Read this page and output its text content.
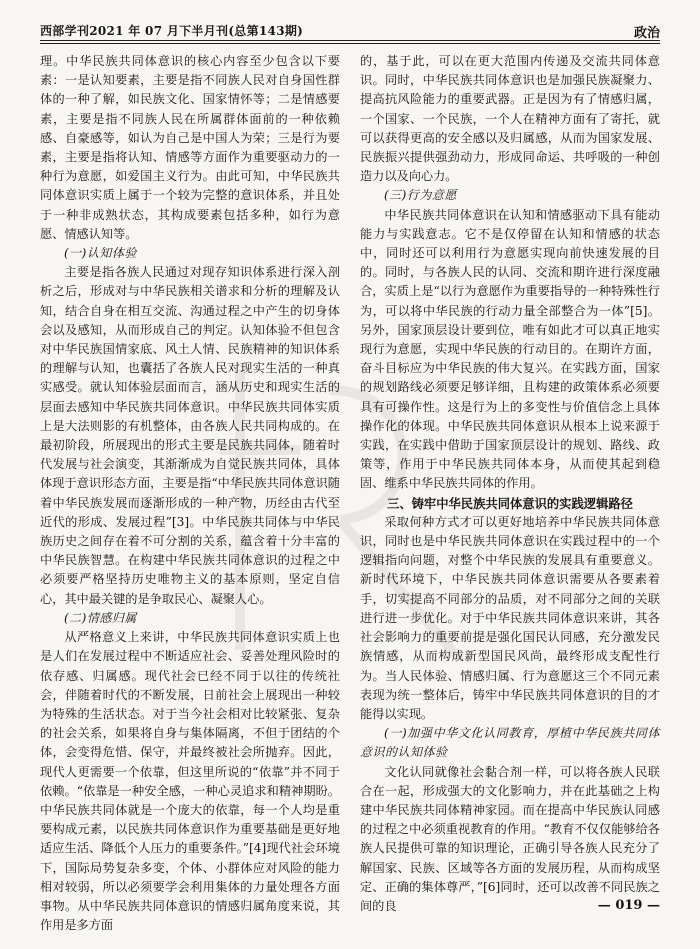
西部学刊2021 年 07 月下半月刊(总第143期)	政治

理。中华民族共同体意识的核心内容至少包含以下要素：一是认知要素，主要是指不同族人民对自身国性群体的一种了解，如民族文化、国家情怀等；二是情感要素，主要是指不同族人民在所属群体面前的一种依赖感、自豪感等，如认为自己是中国人为荣；三是行为要素，主要是指将认知、情感等方面作为重要驱动力的一种行为意愿，如爱国主义行为。由此可知，中华民族共同体意识实质上属于一个较为完整的意识体系，并且处于一种非成熟状态，其构成要素包括多种，如行为意愿、情感认知等。

(一)认知体验

主要是指各族人民通过对现存知识体系进行深入剖析之后，形成对与中华民族相关谱求和分析的理解及认知，结合自身在相互交流、沟通过程之中产生的切身体会以及感知，从而形成自己的判定。认知体验不但包含对中华民族国情家底、风土人情、民族精神的知识体系的理解与认知，也囊括了各族人民对现实生活的一种真实感受。就认知体验层面而言，涵从历史和现实生活的层面去感知中华民族共同体意识。中华民族共同体实质上是大法则影的有机整体，由各族人民共同构成的。在最初阶段，所展现出的形式主要是民族共同体，随着时代发展与社会演变，其渐渐成为自觉民族共同体，具体体现于意识形态方面，主要是指“中华民族共同体意识随着中华民族发展而逐渐形成的一种产物，历经由古代至近代的形成、发展过程”[3]。中华民族共同体与中华民族历史之间存在着不可分割的关系，蕴含着十分丰富的中华民族智慧。在构建中华民族共同体意识的过程之中必须要严格坚持历史唯物主义的基本原则，坚定自信心，其中最关键的是争取民心、凝聚人心。

(二)情感归属

从严格意义上来讲，中华民族共同体意识实质上也是人们在发展过程中不断适应社会、妥善处理风险时的依存感、归属感。现代社会已经不同于以往的传统社会，伴随着时代的不断发展，日前社会上展现出一种较为特殊的生活状态。对于当今社会相对比较紧张、复杂的社会关系，如果将自身与集体隔离，不但于团结的个体，会变得危惜、保守，并最终被社会所抛弃。因此，现代人更需要一个依靠，但这里所说的“依靠”并不同于依赖。“依靠是一种安全感，一种心灵追求和精神期盼。中华民族共同体就是一个庞大的依靠，每一个人均是重要构成元素，以民族共同体意识作为重要基础是更好地适应生活、降低个人压力的重要条件。”[4]现代社会环境下，国际局势复杂多变，个体、小群体应对风险的能力相对较弱，所以必须要学会利用集体的力量处理各方面事物。从中华民族共同体意识的情感归属角度来说，其作用是多方面

的，基于此，可以在更大范围内传递及交流共同体意识。同时，中华民族共同体意识也是加强民族凝聚力、提高抗风险能力的重要武器。正是因为有了情感归属，一个国家、一个民族，一个人在精神方面有了寄托，就可以获得更高的安全感以及归属感，从而为国家发展、民族振兴提供强劲动力，形成同命运、共呼吸的一种创造力以及向心力。

(三)行为意愿

中华民族共同体意识在认知和情感驱动下具有能动能力与实践意志。它不是仅停留在认知和情感的状态中，同时还可以利用行为意愿实现向前快速发展的目的。同时，与各族人民的认同、交流和期许进行深度融合，实质上是“以行为意愿作为重要指导的一种特殊性行为，可以将中华民族的行动力量全部整合为一体”[5]。另外，国家顶层设计要到位，唯有如此才可以真正地实现行为意愿，实现中华民族的行动目的。在期许方面，奋斗目标应为中华民族的伟大复兴。在实践方面，国家的规划路线必须要足够详细，且构建的政策体系必须要具有可操作性。这是行为上的多变性与价值信念上具体操作化的体现。中华民族共同体意识从根本上说来源于实践，在实践中借助于国家顶层设计的规划、路线、政策等，作用于中华民族共同体本身，从而使其起到稳固、维系中华民族共同体的作用。

三、铸牢中华民族共同体意识的实践逻辑路径

采取何种方式才可以更好地培养中华民族共同体意识，同时也是中华民族共同体意识在实践过程中的一个逻辑指向问题，对整个中华民族的发展具有重要意义。新时代环境下，中华民族共同体意识需要从各要素着手，切实提高不同部分的品质，对不同部分之间的关联进行进一步优化。对于中华民族共同体意识来讲，其各社会影响力的重要前提是强化国民认同感，充分激发民族情感，从而构成新型国民风尚，最终形成支配性行为。当人民体验、情感归属、行为意愿这三个不同元素表现为统一整体后，铸牢中华民族共同体意识的目的才能得以实现。

(一)加强中华文化认同教育，厚植中华民族共同体意识的认知体验

文化认同就像社会黏合剂一样，可以将各族人民联合在一起，形成强大的文化影响力，并在此基础之上构建中华民族共同体精神家园。而在提高中华民族认同感的过程之中必须重视教育的作用。“教育不仅仅能够给各族人民提供可靠的知识理论，正确引导各族人民充分了解国家、民族、区域等各方面的发展历程，从而构成坚定、正确的集体尊严，”[6]同时，还可以改善不同民族之间的良	— 019 —
